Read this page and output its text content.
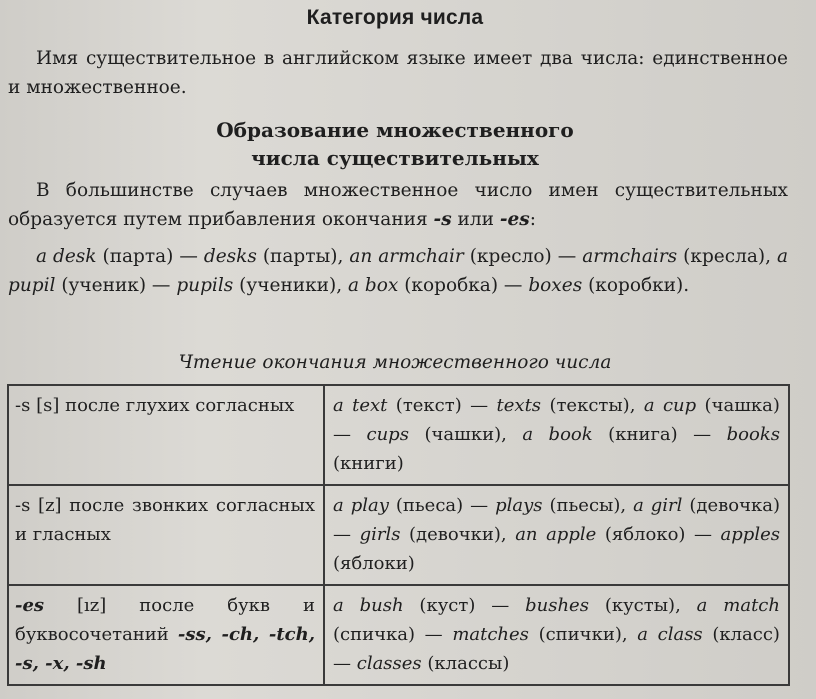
Категория числа
Имя существительное в английском языке имеет два числа: единственное и множественное.
Образование множественного
числа существительных
В большинстве случаев множественное число имен существительных образуется путем прибавления окончания -s или -es:
a desk (парта) — desks (парты), an armchair (кресло) — armchairs (кресла), a pupil (ученик) — pupils (ученики), a box (коробка) — boxes (коробки).
Чтение окончания множественного числа
-s [s] после глухих согласных	a text (текст) — texts (тексты), a cup (чашка) — cups (чашки), a book (книга) — books (книги)
-s [z] после звонких согласных и гласных	a play (пьеса) — plays (пьесы), a girl (девочка) — girls (девочки), an apple (яблоко) — apples (яблоки)
-es [ız] после букв и буквосочетаний -ss, -ch, -tch, -s, -x, -sh	a bush (куст) — bushes (кусты), a match (спичка) — matches (спички), a class (класс) — classes (классы)
